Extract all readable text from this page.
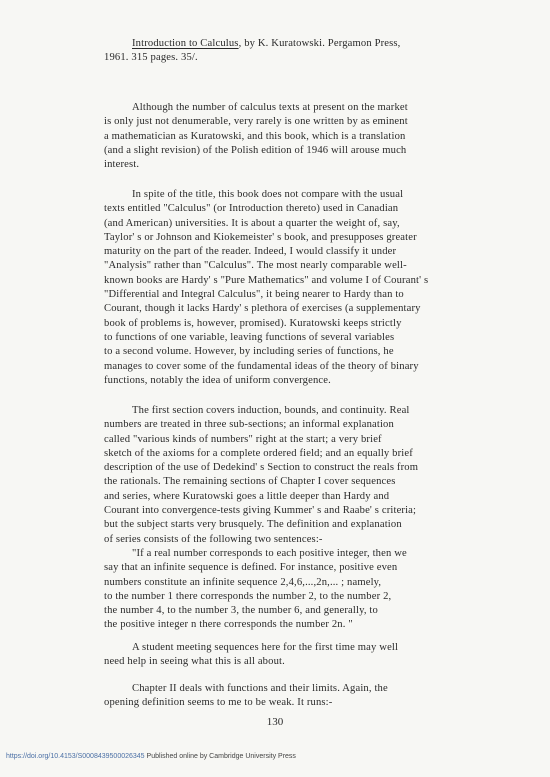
Introduction to Calculus, by K. Kuratowski. Pergamon Press,
1961. 315 pages. 35/.
Although the number of calculus texts at present on the market
is only just not denumerable, very rarely is one written by as eminent
a mathematician as Kuratowski, and this book, which is a translation
(and a slight revision) of the Polish edition of 1946 will arouse much
interest.
In spite of the title, this book does not compare with the usual
texts entitled "Calculus" (or Introduction thereto) used in Canadian
(and American) universities. It is about a quarter the weight of, say,
Taylor' s or Johnson and Kiokemeister' s book, and presupposes greater
maturity on the part of the reader. Indeed, I would classify it under
"Analysis" rather than "Calculus". The most nearly comparable well-
known books are Hardy' s "Pure Mathematics" and volume I of Courant' s
"Differential and Integral Calculus", it being nearer to Hardy than to
Courant, though it lacks Hardy' s plethora of exercises (a supplementary
book of problems is, however, promised). Kuratowski keeps strictly
to functions of one variable, leaving functions of several variables
to a second volume. However, by including series of functions, he
manages to cover some of the fundamental ideas of the theory of binary
functions, notably the idea of uniform convergence.
The first section covers induction, bounds, and continuity. Real
numbers are treated in three sub-sections; an informal explanation
called "various kinds of numbers" right at the start; a very brief
sketch of the axioms for a complete ordered field; and an equally brief
description of the use of Dedekind' s Section to construct the reals from
the rationals. The remaining sections of Chapter I cover sequences
and series, where Kuratowski goes a little deeper than Hardy and
Courant into convergence-tests giving Kummer' s and Raabe' s criteria;
but the subject starts very brusquely. The definition and explanation
of series consists of the following two sentences:-
"If a real number corresponds to each positive integer, then we
say that an infinite sequence is defined. For instance, positive even
numbers constitute an infinite sequence 2,4,6,...,2n,... ; namely,
to the number 1 there corresponds the number 2, to the number 2,
the number 4, to the number 3, the number 6, and generally, to
the positive integer n there corresponds the number 2n. "
A student meeting sequences here for the first time may well
need help in seeing what this is all about.
Chapter II deals with functions and their limits. Again, the
opening definition seems to me to be weak. It runs:-
130
https://doi.org/10.4153/S0008439500026345 Published online by Cambridge University Press
